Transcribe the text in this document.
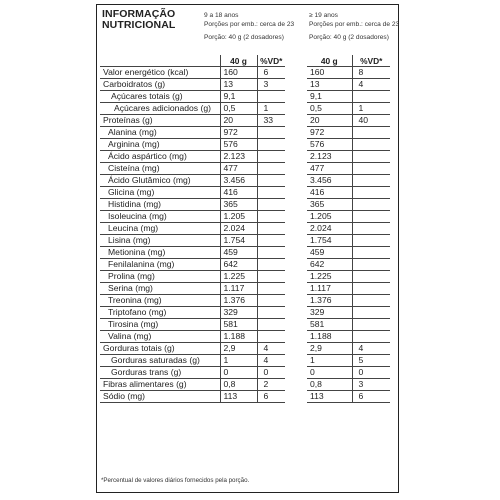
INFORMAÇÃO
NUTRICIONAL
9 a 18 anos
Porções por emb.: cerca de 23
Porção: 40 g (2 dosadores)
≥ 19 anos
Porções por emb.: cerca de 23
Porção: 40 g (2 dosadores)
	40 g	%VD*
Valor energético (kcal)	160	6
Carboidratos (g)	13	3
Açúcares totais (g)	9,1	
Açúcares adicionados (g)	0,5	1
Proteínas (g)	20	33
Alanina (mg)	972	
Arginina (mg)	576	
Ácido aspártico (mg)	2.123	
Cisteína (mg)	477	
Ácido Glutâmico (mg)	3.456	
Glicina (mg)	416	
Histidina (mg)	365	
Isoleucina (mg)	1.205	
Leucina (mg)	2.024	
Lisina (mg)	1.754	
Metionina (mg)	459	
Fenilalanina (mg)	642	
Prolina (mg)	1.225	
Serina (mg)	1.117	
Treonina (mg)	1.376	
Triptofano (mg)	329	
Tirosina (mg)	581	
Valina (mg)	1.188	
Gorduras totais (g)	2,9	4
Gorduras saturadas (g)	1	4
Gorduras trans (g)	0	0
Fibras alimentares (g)	0,8	2
Sódio (mg)	113	6
40 g	%VD*
160	8
13	4
9,1	
0,5	1
20	40
972	
576	
2.123	
477	
3.456	
416	
365	
1.205	
2.024	
1.754	
459	
642	
1.225	
1.117	
1.376	
329	
581	
1.188	
2,9	4
1	5
0	0
0,8	3
113	6
*Percentual de valores diários fornecidos pela porção.
